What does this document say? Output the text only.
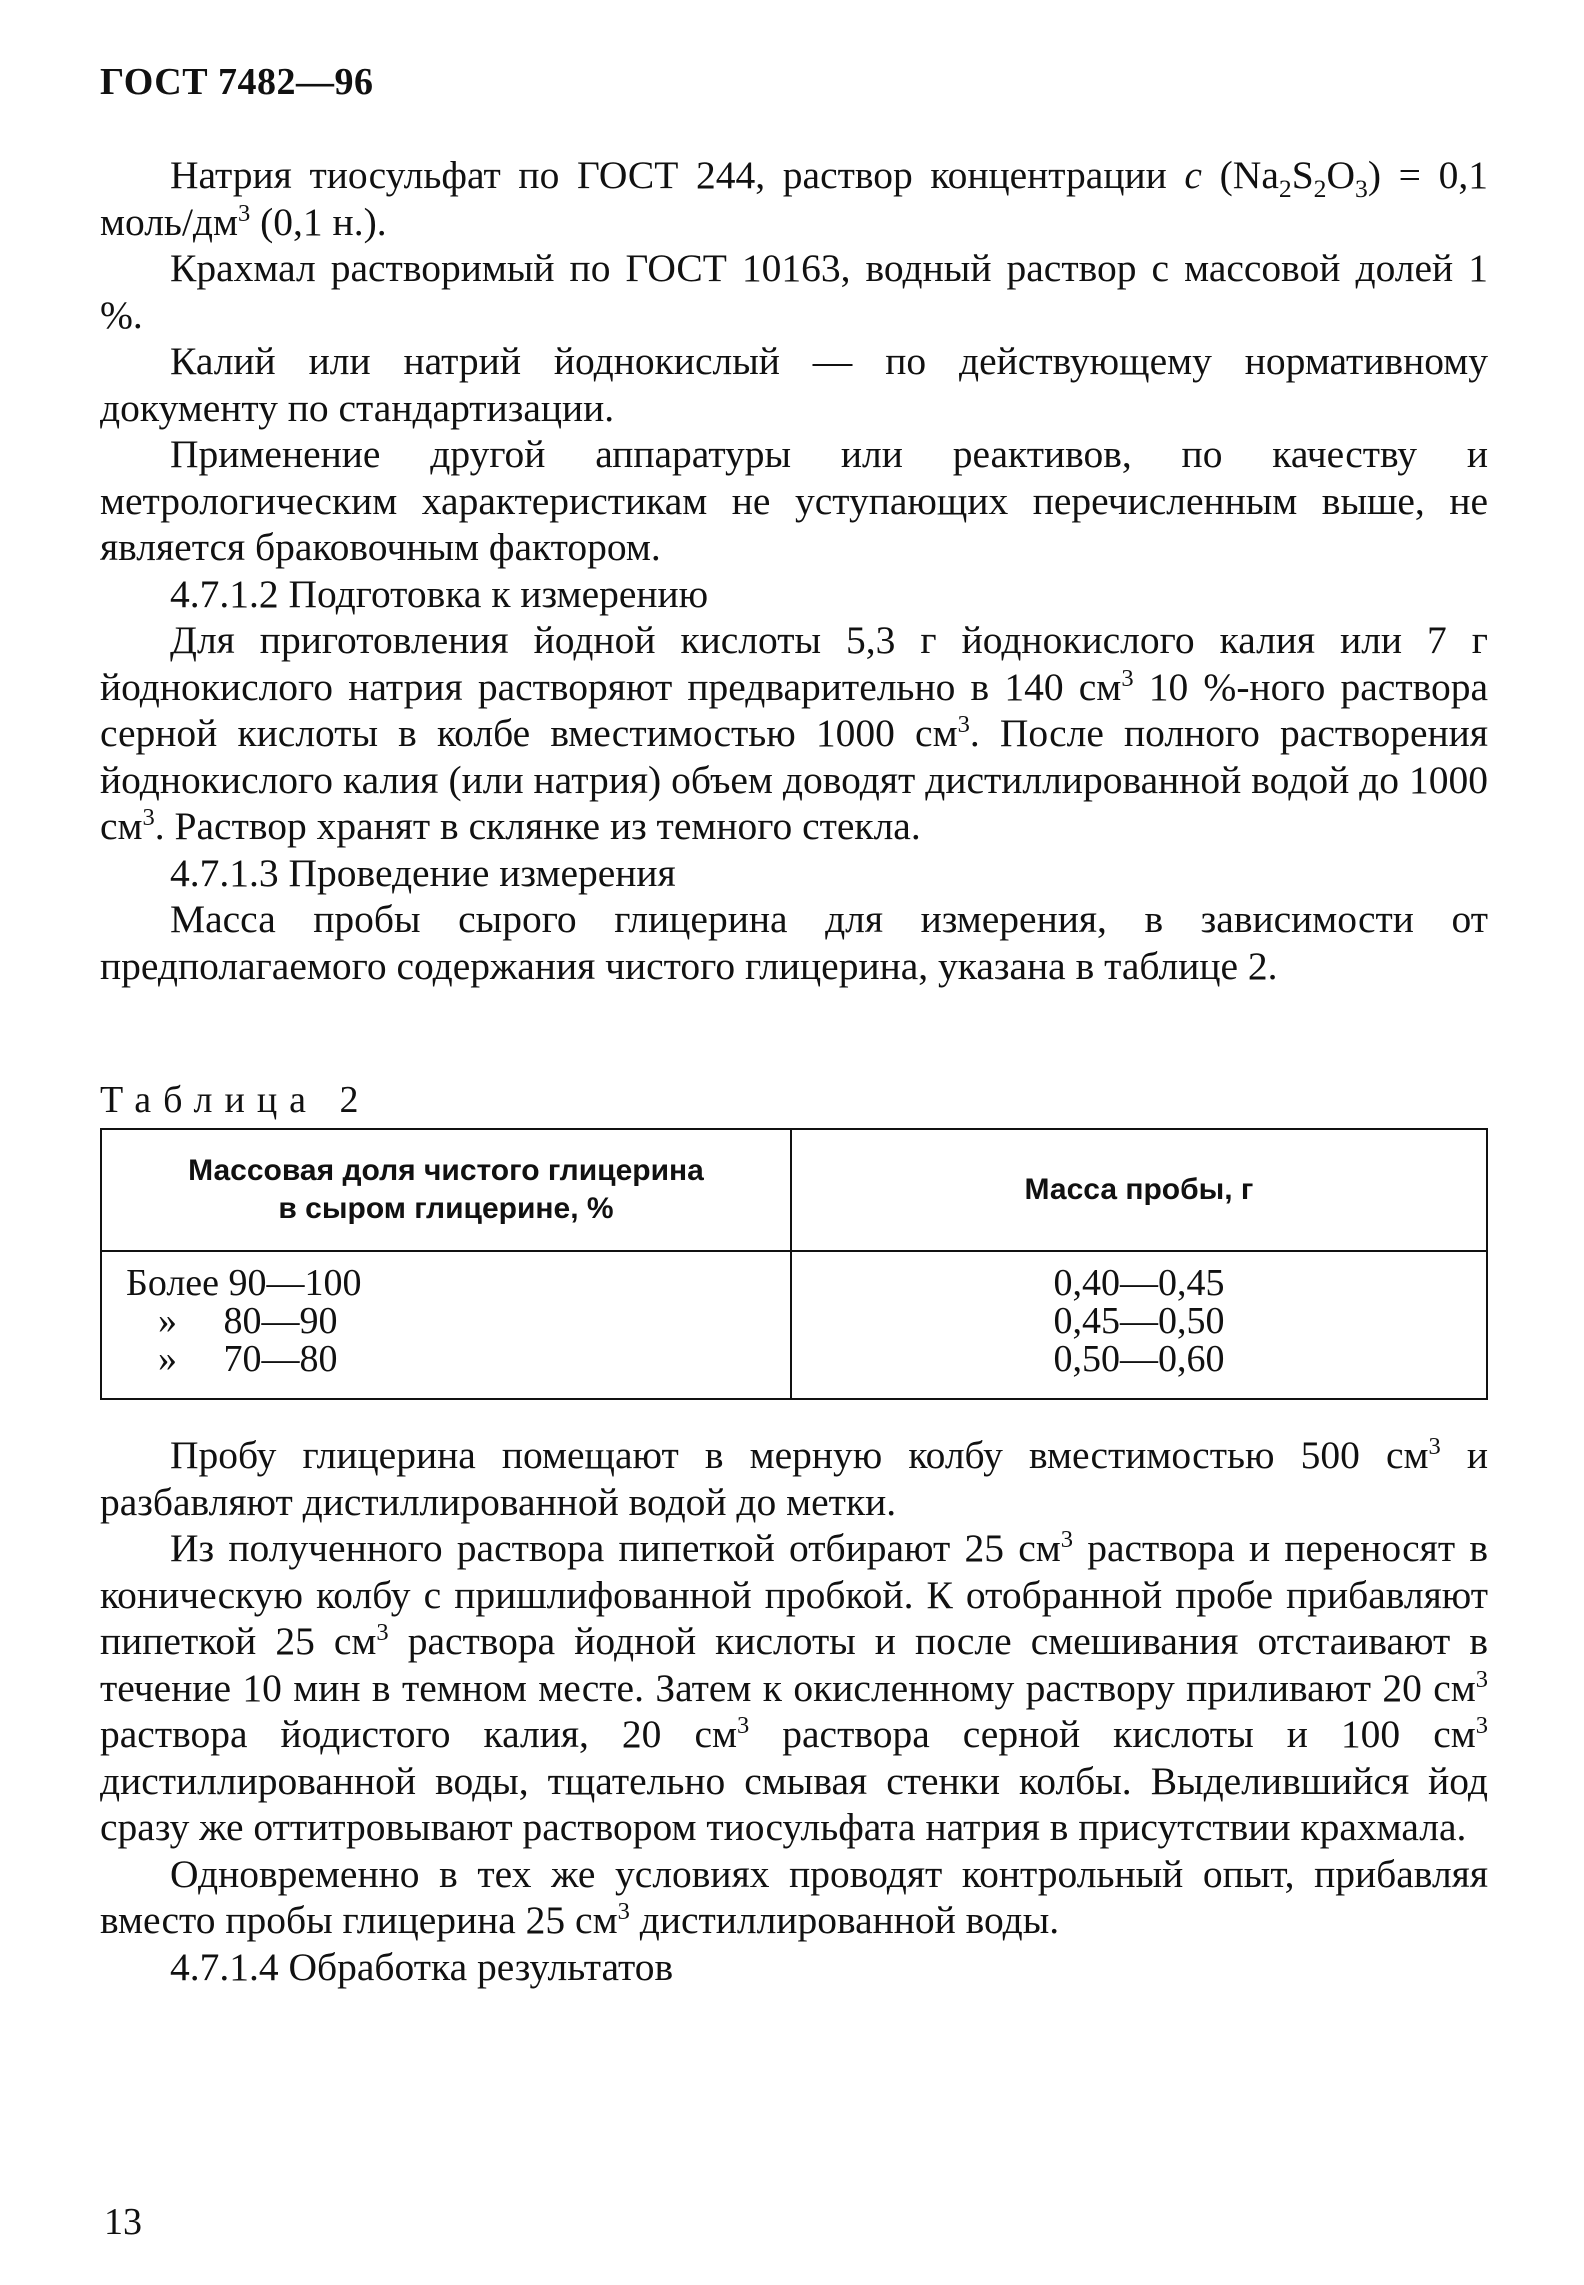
ГОСТ 7482—96

Натрия тиосульфат по ГОСТ 244, раствор концентрации c $(Na_2S_2O_3) = 0,1$ моль/$дм^3$ (0,1 н.).

Крахмал растворимый по ГОСТ 10163, водный раствор с массовой долей 1 %.

Калий или натрий йоднокислый — по действующему нормативному документу по стандартизации.

Применение другой аппаратуры или реактивов, по качеству и метрологическим характеристикам не уступающих перечисленным выше, не является браковочным фактором.

4.7.1.2 Подготовка к измерению

Для приготовления йодной кислоты 5,3 г йоднокислого калия или 7 г йоднокислого натрия растворяют предварительно в 140 $см^3$ 10 %-ного раствора серной кислоты в колбе вместимостью 1000 $см^3$. После полного растворения йоднокислого калия (или натрия) объем доводят дистиллированной водой до 1000 $см^3$. Раствор хранят в склянке из темного стекла.

4.7.1.3 Проведение измерения

Масса пробы сырого глицерина для измерения, в зависимости от предполагаемого содержания чистого глицерина, указана в таблице 2.

Таблица 2
Массовая доля чистого глицерина
в сыром глицерине, %
Масса пробы, г
Более 90—100
» 80—90
» 70—80
0,40—0,45
0,45—0,50
0,50—0,60

Пробу глицерина помещают в мерную колбу вместимостью 500 $см^3$ и разбавляют дистиллированной водой до метки.

Из полученного раствора пипеткой отбирают 25 $см^3$ раствора и переносят в коническую колбу с пришлифованной пробкой. К отобранной пробе прибавляют пипеткой 25 $см^3$ раствора йодной кислоты и после смешивания отстаивают в течение 10 мин в темном месте. Затем к окисленному раствору приливают 20 $см^3$ раствора йодистого калия, 20 $см^3$ раствора серной кислоты и 100 $см^3$ дистиллированной воды, тщательно смывая стенки колбы. Выделившийся йод сразу же оттитровывают раствором тиосульфата натрия в присутствии крахмала.

Одновременно в тех же условиях проводят контрольный опыт, прибавляя вместо пробы глицерина 25 $см^3$ дистиллированной воды.

4.7.1.4 Обработка результатов

13
